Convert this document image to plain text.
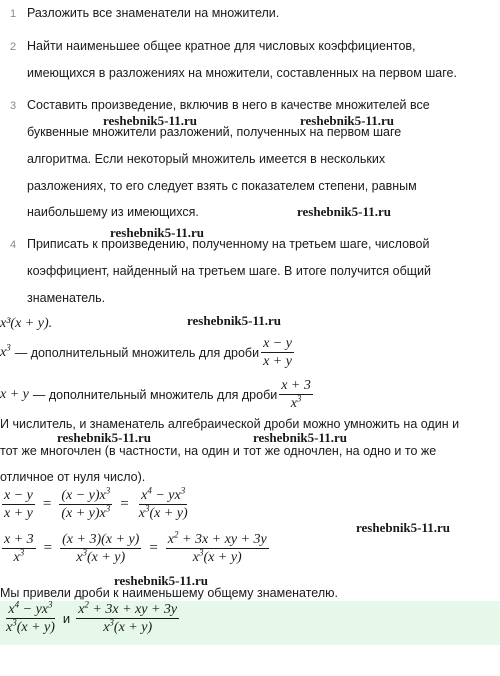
1 Разложить все знаменатели на множители.
2 Найти наименьшее общее кратное для числовых коэффициентов,
имеющихся в разложениях на множители, составленных на первом шаге.
3 Составить произведение, включив в него в качестве множителей все
буквенные множители разложений, полученных на первом шаге
алгоритма. Если некоторый множитель имеется в нескольких
разложениях, то его следует взять с показателем степени, равным
наибольшему из имеющихся.
4 Приписать к произведению, полученному на третьем шаге, числовой
коэффициент, найденный на третьем шаге. В итоге получится общий
знаменатель.
reshebnik5-11.ru	reshebnik5-11.ru
reshebnik5-11.ru
reshebnik5-11.ru
reshebnik5-11.ru
reshebnik5-11.ru	reshebnik5-11.ru
reshebnik5-11.ru
reshebnik5-11.ru
x³(x + y).
$x^3$ — дополнительный множитель для дроби $\frac{x - y}{x + y}$
x + y — дополнительный множитель для дроби $\frac{x + 3}{x^3}$
И числитель, и знаменатель алгебраической дроби можно умножить на один и
тот же многочлен (в частности, на один и тот же одночлен, на одно и то же
отличное от нуля число).
$\frac{x - y}{x + y} = \frac{(x - y)x^3}{(x + y)x^3} = \frac{x^4 - yx^3}{x^3(x + y)}$
$\frac{x + 3}{x^3} = \frac{(x + 3)(x + y)}{x^3(x + y)} = \frac{x^2 + 3x + xy + 3y}{x^3(x + y)}$
Мы привели дроби к наименьшему общему знаменателю.
$\frac{x^4 - yx^3}{x^3(x + y)}$ и $\frac{x^2 + 3x + xy + 3y}{x^3(x + y)}$
